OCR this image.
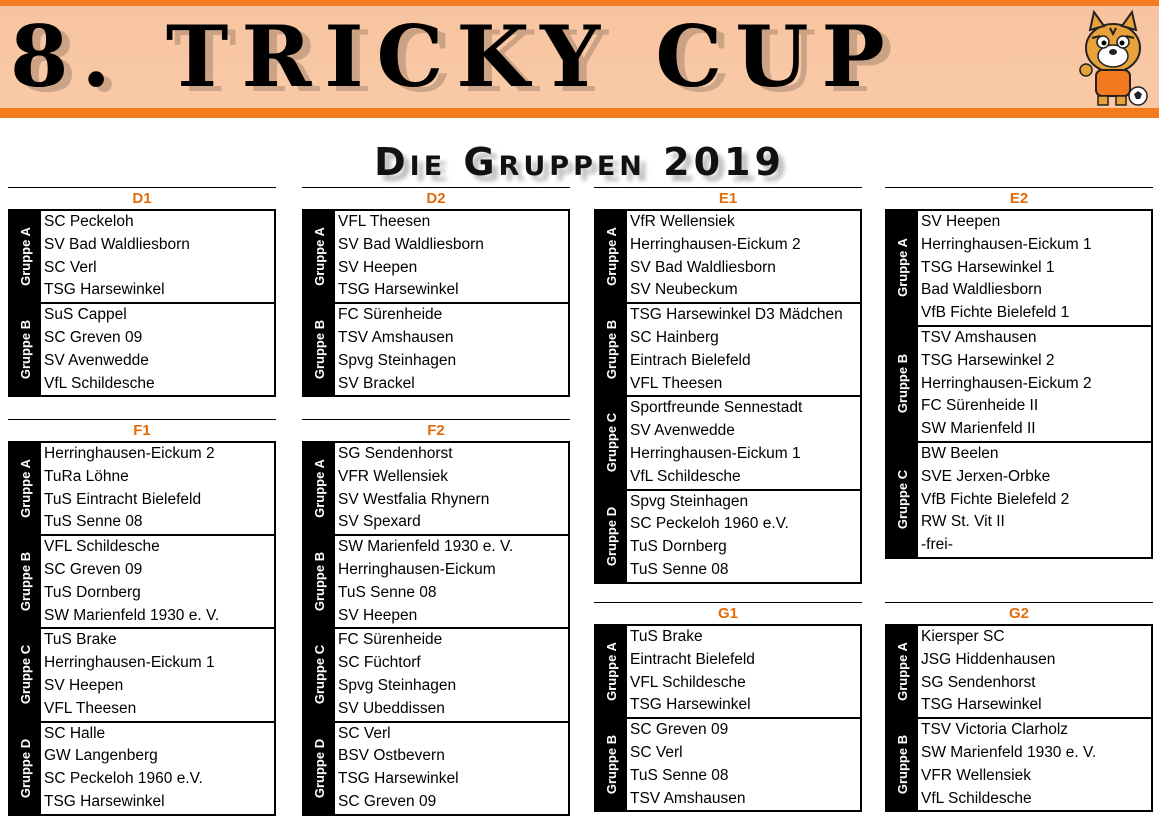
8. TRICKY CUP
Die Gruppen 2019
D1
Gruppe A
SC Peckeloh
SV Bad Waldliesborn
SC Verl
TSG Harsewinkel
Gruppe B
SuS Cappel
SC Greven 09
SV Avenwedde
VfL Schildesche
D2
Gruppe A
VFL Theesen
SV Bad Waldliesborn
SV Heepen
TSG Harsewinkel
Gruppe B
FC Sürenheide
TSV Amshausen
Spvg Steinhagen
SV Brackel
E1
Gruppe A
VfR Wellensiek
Herringhausen-Eickum 2
SV Bad Waldliesborn
SV Neubeckum
Gruppe B
TSG Harsewinkel D3 Mädchen
SC Hainberg
Eintrach Bielefeld
VFL Theesen
Gruppe C
Sportfreunde Sennestadt
SV Avenwedde
Herringhausen-Eickum 1
VfL Schildesche
Gruppe D
Spvg Steinhagen
SC Peckeloh 1960 e.V.
TuS Dornberg
TuS Senne 08
E2
Gruppe A
SV Heepen
Herringhausen-Eickum 1
TSG Harsewinkel 1
Bad Waldliesborn
VfB Fichte Bielefeld 1
Gruppe B
TSV Amshausen
TSG Harsewinkel 2
Herringhausen-Eickum 2
FC Sürenheide II
SW Marienfeld II
Gruppe C
BW Beelen
SVE Jerxen-Orbke
VfB Fichte Bielefeld 2
RW St. Vit II
-frei-
F1
Gruppe A
Herringhausen-Eickum 2
TuRa Löhne
TuS Eintracht Bielefeld
TuS Senne 08
Gruppe B
VFL Schildesche
SC Greven 09
TuS Dornberg
SW Marienfeld 1930 e. V.
Gruppe C
TuS Brake
Herringhausen-Eickum 1
SV Heepen
VFL Theesen
Gruppe D
SC Halle
GW Langenberg
SC Peckeloh 1960 e.V.
TSG Harsewinkel
F2
Gruppe A
SG Sendenhorst
VFR Wellensiek
SV Westfalia Rhynern
SV Spexard
Gruppe B
SW Marienfeld 1930 e. V.
Herringhausen-Eickum
TuS Senne 08
SV Heepen
Gruppe C
FC Sürenheide
SC Füchtorf
Spvg Steinhagen
SV Ubeddissen
Gruppe D
SC Verl
BSV Ostbevern
TSG Harsewinkel
SC Greven 09
G1
Gruppe A
TuS Brake
Eintracht Bielefeld
VFL Schildesche
TSG Harsewinkel
Gruppe B
SC Greven 09
SC Verl
TuS Senne 08
TSV Amshausen
G2
Gruppe A
Kiersper SC
JSG Hiddenhausen
SG Sendenhorst
TSG Harsewinkel
Gruppe B
TSV Victoria Clarholz
SW Marienfeld 1930 e. V.
VFR Wellensiek
VfL Schildesche
